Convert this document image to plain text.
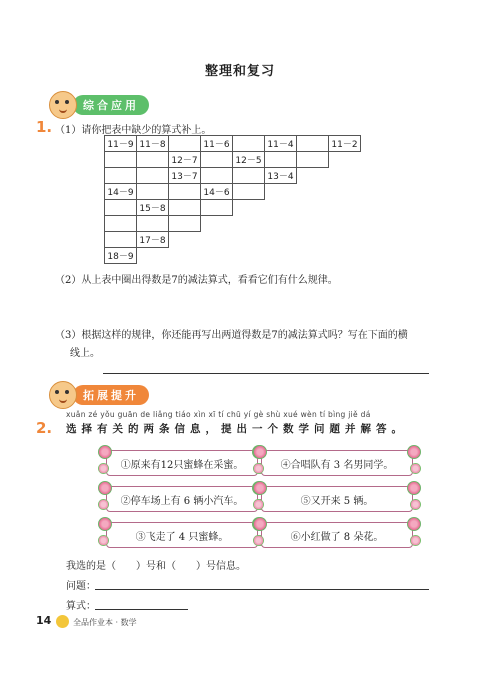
整理和复习
综合应用
1. （1）请你把表中缺少的算式补上。
11－9	11－8		11－6		11－4		11－2
		12－7		12－5			
		13－7			13－4		
14－9			14－6				
	15－8						

	17－8						
18－9							
（2）从上表中圈出得数是7的减法算式，看看它们有什么规律。
（3）根据这样的规律，你还能再写出两道得数是7的减法算式吗？写在下面的横
线上。
拓展提升
xuǎn zé yǒu guān de liǎng tiáo xìn xī tí chū yí gè shù xué wèn tí bìng jiě dá
2. 选择有关的两条信息，提出一个数学问题并解答。
①原来有12只蜜蜂在采蜜。	④合唱队有 3 名男同学。
②停车场上有 6 辆小汽车。	⑤又开来 5 辆。
③飞走了 4 只蜜蜂。	⑥小红做了 8 朵花。
我选的是（　　）号和（　　）号信息。
问题：
算式：
14	全品作业本 · 数学
